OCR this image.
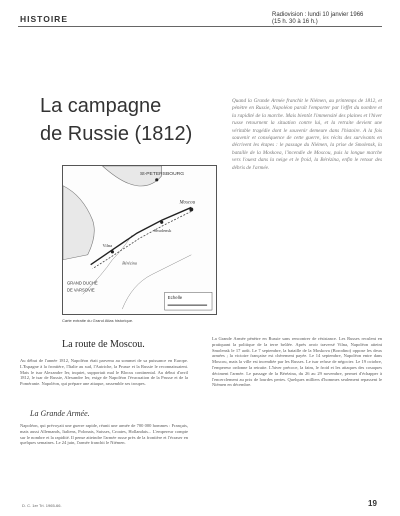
HISTOIRE	Radiovision : lundi 10 janvier 1966
(15 h. 30 à 16 h.)
La campagne
de Russie (1812)
St-PETERSBOURG
Moscou
Smolensk
Vilna
Bérézina
GRAND DUCHÉ
DE VARSOVIE
Echelle
Carte extraite du Grand Atlas historique.
Quand la Grande Armée franchit le Niémen, au printemps de 1812, et pénètre en Russie, Napoléon paraît l'emporter par l'effet du nombre et la rapidité de la marche. Mais bientôt l'immensité des plaines et l'hiver russe retournent la situation contre lui, et la retraite devient une véritable tragédie dont le souvenir demeure dans l'histoire. A la fois souvenir et conséquence de cette guerre, les récits des survivants en décrivent les étapes : le passage du Niémen, la prise de Smolensk, la bataille de la Moskova, l'incendie de Moscou, puis la longue marche vers l'ouest dans la neige et le froid, la Bérézina, enfin le retour des débris de l'armée.
La route de Moscou.
Au début de l'année 1812, Napoléon était parvenu au sommet de sa puissance en Europe. L'Espagne à la frontière, l'Italie au sud, l'Autriche, la Prusse et la Russie le reconnaissaient. Mais le tsar Alexandre Ier, inquiet, supportait mal le Blocus continental. Au début d'avril 1812, le tsar de Russie, Alexandre Ier, exige de Napoléon l'évacuation de la Prusse et de la Poméranie. Napoléon, qui prépare une attaque, rassemble ses troupes.
La Grande Armée.
Napoléon, qui prévoyait une guerre rapide, réunit une armée de 700 000 hommes : Français, mais aussi Allemands, Italiens, Polonais, Suisses, Croates, Hollandais... L'empereur compte sur le nombre et la rapidité. Il pense atteindre l'armée russe près de la frontière et l'écraser en quelques semaines. Le 24 juin, l'armée franchit le Niémen.
La Grande Armée pénètre en Russie sans rencontrer de résistance. Les Russes reculent en pratiquant la politique de la terre brûlée. Après avoir traversé Vilna, Napoléon atteint Smolensk le 17 août. Le 7 septembre, la bataille de la Moskova (Borodino) oppose les deux armées ; la victoire française est chèrement payée. Le 14 septembre, Napoléon entre dans Moscou, mais la ville est incendiée par les Russes. Le tsar refuse de négocier. Le 19 octobre, l'empereur ordonne la retraite. L'hiver précoce, la faim, le froid et les attaques des cosaques déciment l'armée. Le passage de la Bérézina, du 26 au 29 novembre, permet d'échapper à l'encerclement au prix de lourdes pertes. Quelques milliers d'hommes seulement repassent le Niémen en décembre.
D. C. 1er Tri. 1965-66.	19
